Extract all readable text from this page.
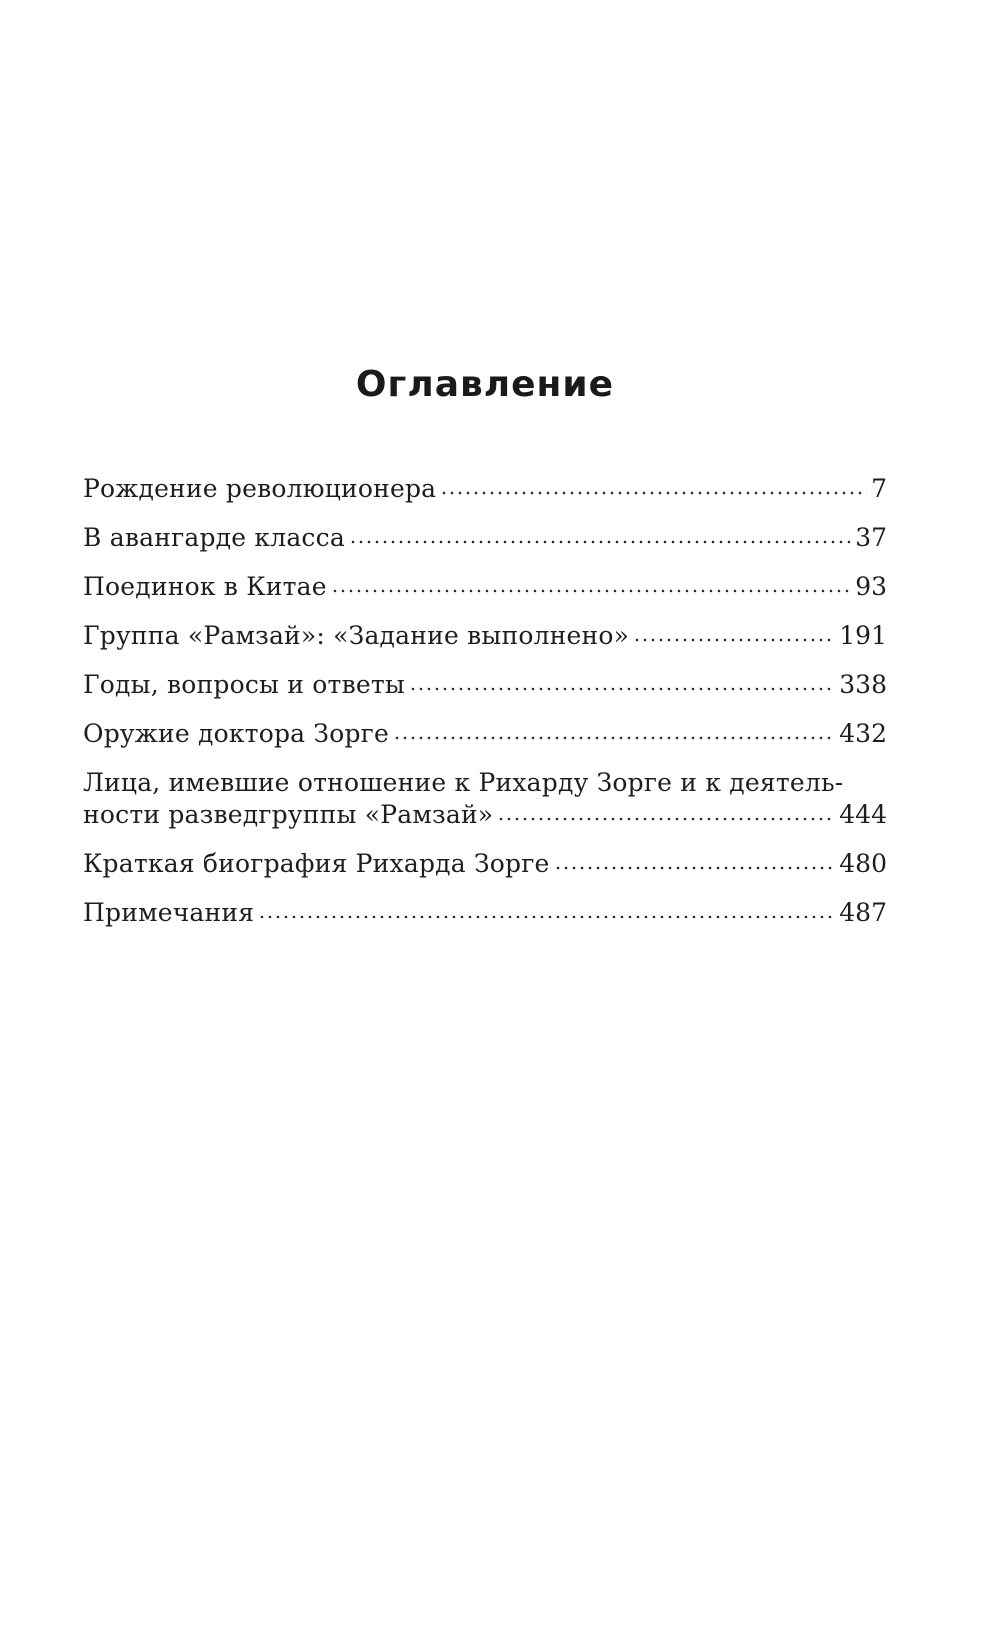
Оглавление
Рождение революционера	7
В авангарде класса	37
Поединок в Китае	93
Группа «Рамзай»: «Задание выполнено»	191
Годы, вопросы и ответы	338
Оружие доктора Зорге	432
Лица, имевшие отношение к Рихарду Зорге и к деятель-
ности разведгруппы «Рамзай»	444
Краткая биография Рихарда Зорге	480
Примечания	487
